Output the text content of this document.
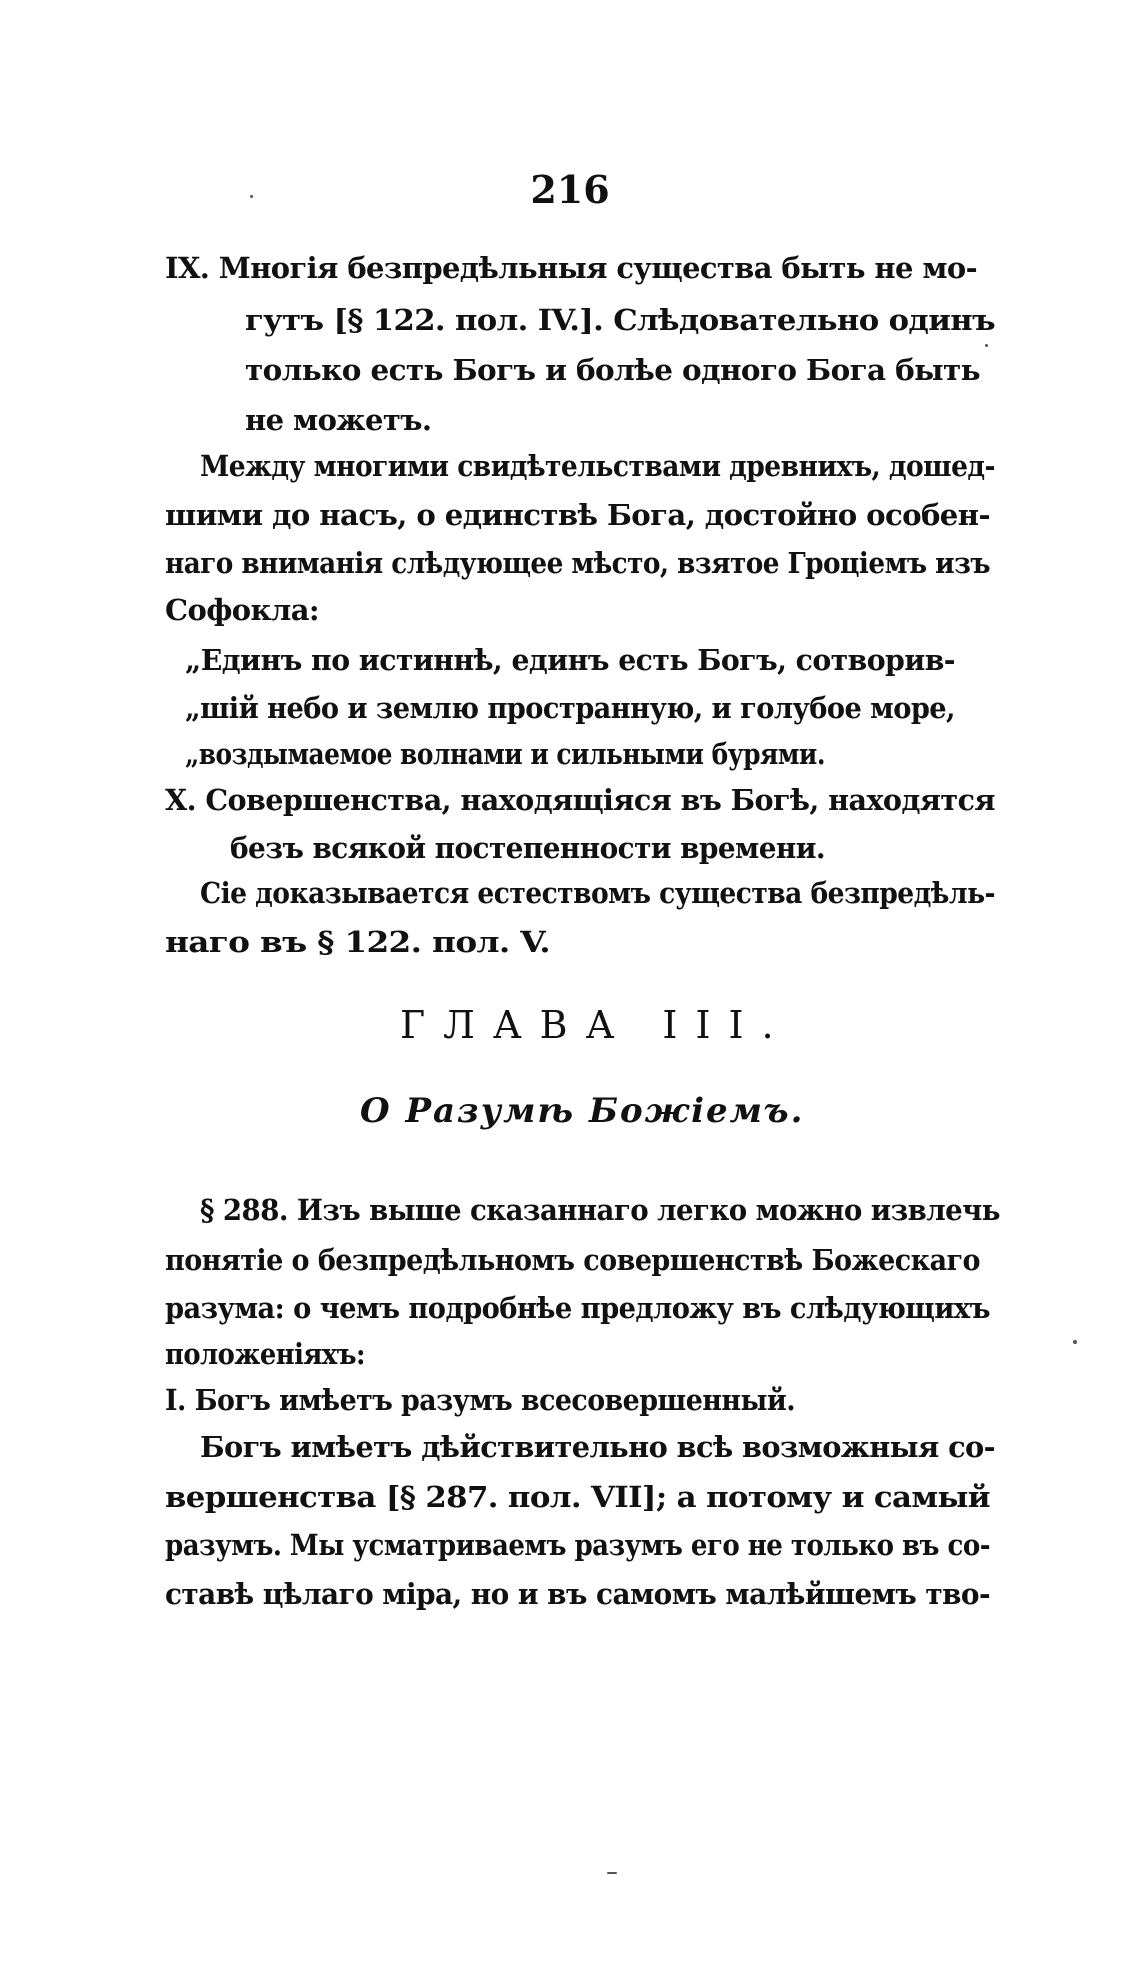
216
IX. Многія безпредѣльныя существа быть не мо-
гутъ [§ 122. пол. IV.]. Слѣдовательно одинъ
только есть Богъ и болѣе одного Бога быть
не можетъ.
Между многими свидѣтельствами древнихъ, дошед-
шими до насъ, о единствѣ Бога, достойно особен-
наго вниманія слѣдующее мѣсто, взятое Гроціемъ изъ
Софокла:
„Единъ по истиннѣ, единъ есть Богъ, сотворив-
„шій небо и землю пространную, и голубое море,
„воздымаемое волнами и сильными бурями.
X. Совершенства, находящіяся въ Богѣ, находятся
безъ всякой постепенности времени.
Сіе доказывается естествомъ существа безпредѣль-
наго въ § 122. пол. V.
ГЛАВА III.
О Разумѣ Божіемъ.
§ 288. Изъ выше сказаннаго легко можно извлечь
понятіе о безпредѣльномъ совершенствѣ Божескаго
разума: о чемъ подробнѣе предложу въ слѣдующихъ
положеніяхъ:
I. Богъ имѣетъ разумъ всесовершенный.
Богъ имѣетъ дѣйствительно всѣ возможныя со-
вершенства [§ 287. пол. VII]; а потому и самый
разумъ. Мы усматриваемъ разумъ его не только въ со-
ставѣ цѣлаго міра, но и въ самомъ малѣйшемъ тво-
